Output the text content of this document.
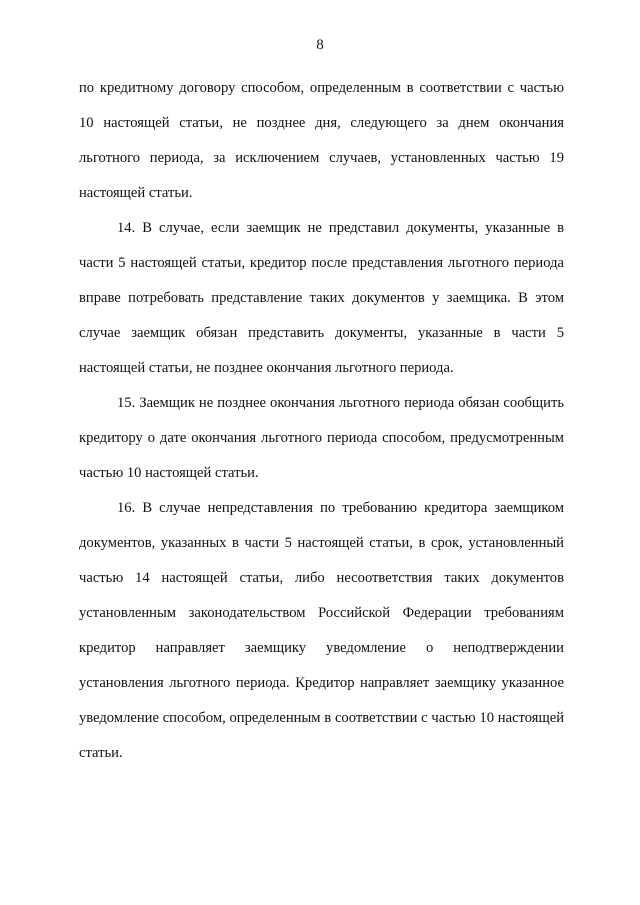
8

по кредитному договору способом, определенным в соответствии с частью 10 настоящей статьи, не позднее дня, следующего за днем окончания льготного периода, за исключением случаев, установленных частью 19 настоящей статьи.

14. В случае, если заемщик не представил документы, указанные в части 5 настоящей статьи, кредитор после представления льготного периода вправе потребовать представление таких документов у заемщика. В этом случае заемщик обязан представить документы, указанные в части 5 настоящей статьи, не позднее окончания льготного периода.

15. Заемщик не позднее окончания льготного периода обязан сообщить кредитору о дате окончания льготного периода способом, предусмотренным частью 10 настоящей статьи.

16. В случае непредставления по требованию кредитора заемщиком документов, указанных в части 5 настоящей статьи, в срок, установленный частью 14 настоящей статьи, либо несоответствия таких документов установленным законодательством Российской Федерации требованиям кредитор направляет заемщику уведомление о неподтверждении установления льготного периода. Кредитор направляет заемщику указанное уведомление способом, определенным в соответствии с частью 10 настоящей статьи.
